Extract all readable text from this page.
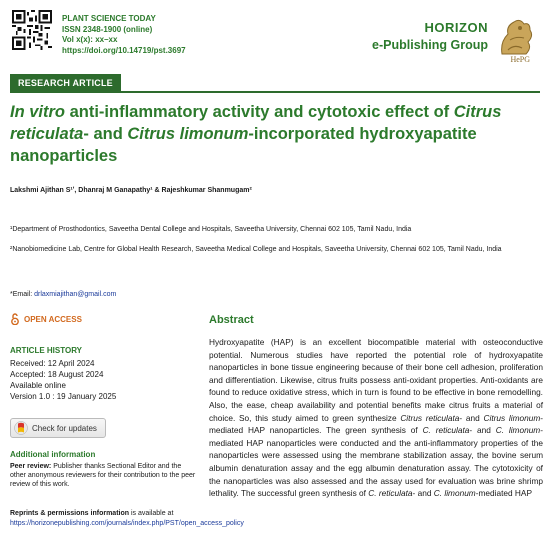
PLANT SCIENCE TODAY
ISSN 2348-1900 (online)
Vol x(x): xx–xx
https://doi.org/10.14719/pst.3697
HORIZON
e-Publishing Group
HePG
RESEARCH ARTICLE
In vitro anti-inflammatory activity and cytotoxic effect of Citrus reticulata- and Citrus limonum-incorporated hydroxyapatite nanoparticles
Lakshmi Ajithan S¹ʹ, Dhanraj M Ganapathy¹ & Rajeshkumar Shanmugam²
¹Department of Prosthodontics, Saveetha Dental College and Hospitals, Saveetha University, Chennai 602 105, Tamil Nadu, India
²Nanobiomedicine Lab, Centre for Global Health Research, Saveetha Medical College and Hospitals, Saveetha University, Chennai 602 105, Tamil Nadu, India
*Email: drlaxmiajithan@gmail.com
OPEN ACCESS
ARTICLE HISTORY
Received: 12 April 2024
Accepted: 18 August 2024
Available online
Version 1.0 : 19 January 2025
Check for updates
Additional information
Peer review: Publisher thanks Sectional Editor and the other anonymous reviewers for their contribution to the peer review of this work.
Reprints & permissions information is available at https://horizonepublishing.com/journals/index.php/PST/open_access_policy
Abstract
Hydroxyapatite (HAP) is an excellent biocompatible material with osteoconductive potential. Numerous studies have reported the potential role of hydroxyapatite nanoparticles in bone tissue engineering because of their bone cell adhesion, proliferation and differentiation. Likewise, citrus fruits possess anti-oxidant properties. Anti-oxidants are found to reduce oxidative stress, which in turn is found to be effective in bone remodelling. Also, the ease, cheap availability and potential benefits make citrus fruits a material of choice. So, this study aimed to green synthesize Citrus reticulata- and Citrus limonum-mediated HAP nanoparticles. The green synthesis of C. reticulata- and C. limonum-mediated HAP nanoparticles were conducted and the anti-inflammatory properties of the nanoparticles were assessed using the membrane stabilization assay, the bovine serum albumin denaturation assay and the egg albumin denaturation assay. The cytotoxicity of the nanoparticles was also assessed and the assay used for evaluation was brine shrimp lethality. The successful green synthesis of C. reticulata- and C. limonum-mediated HAP
